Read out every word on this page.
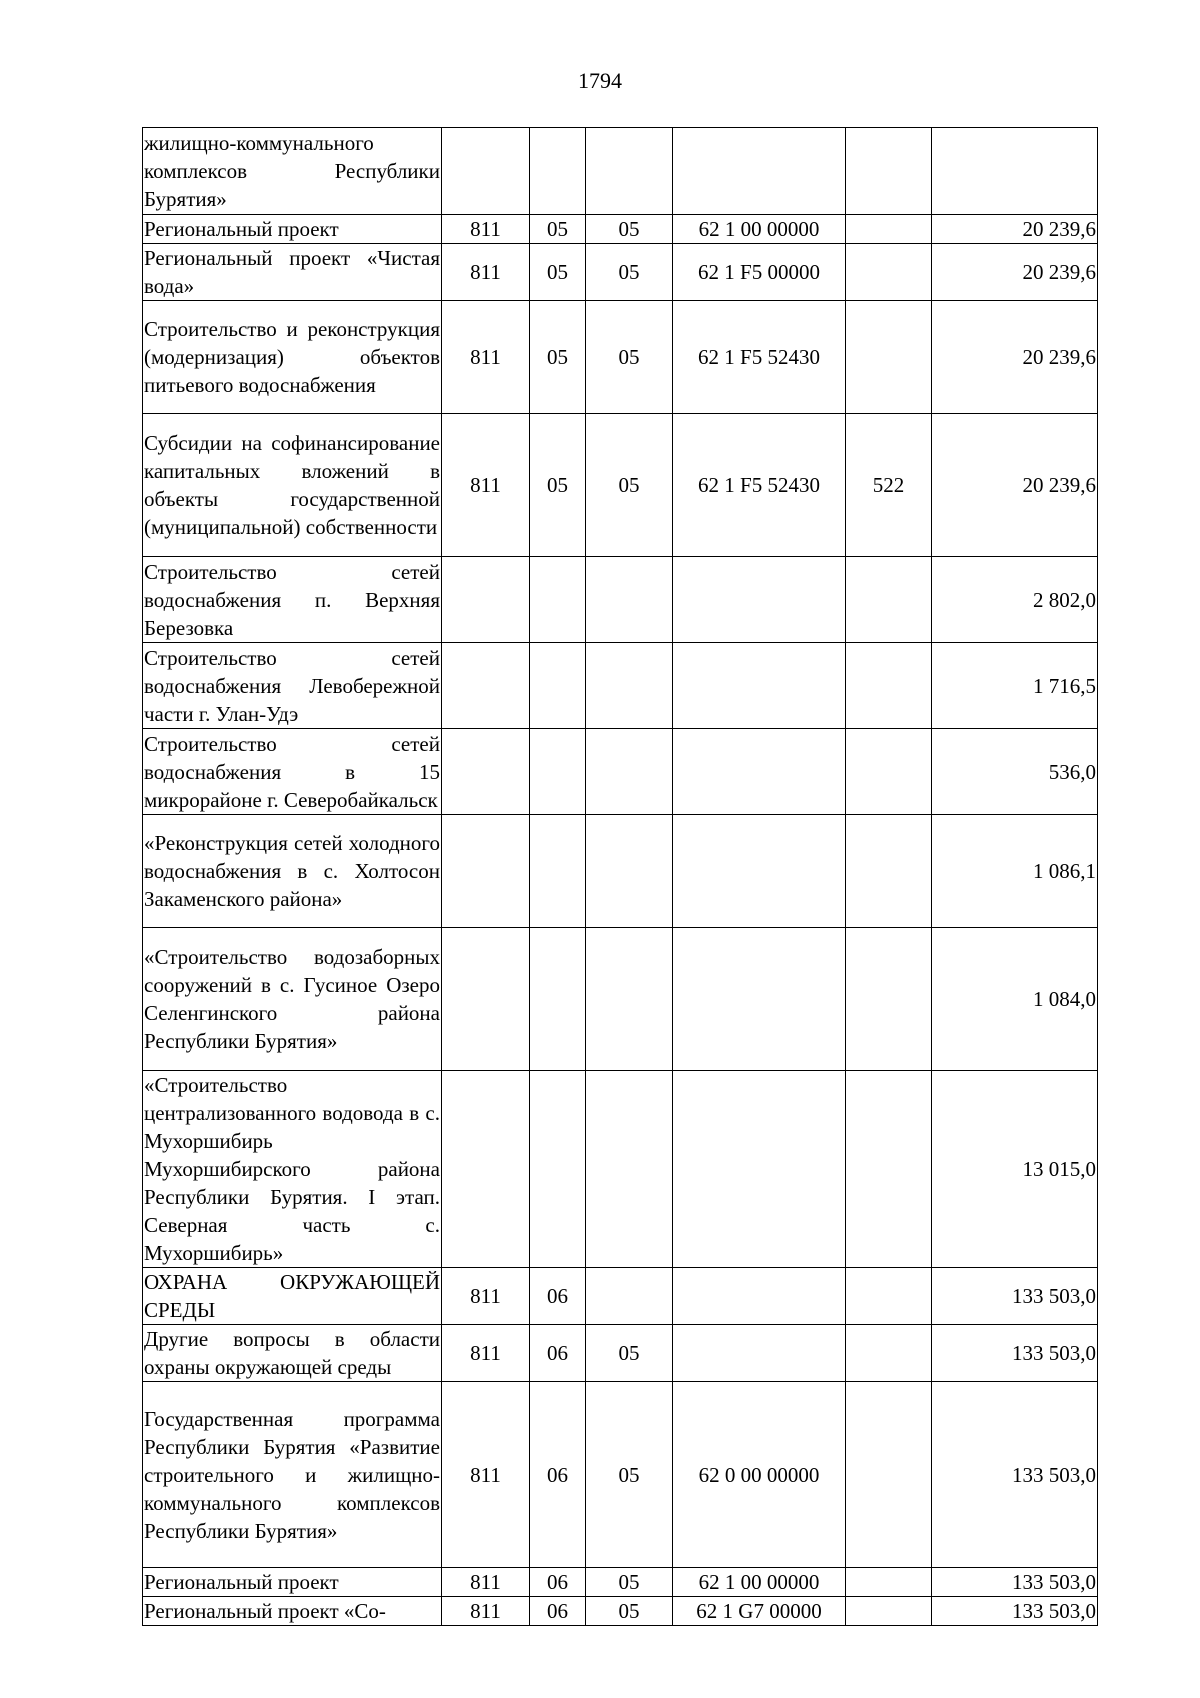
1794
жилищно-коммунального комплексов Республики Бурятия»						
Региональный проект	811	05	05	62 1 00 00000		20 239,6
Региональный проект «Чистая вода»	811	05	05	62 1 F5 00000		20 239,6
Строительство и реконструкция (модернизация) объектов питьевого водоснабжения	811	05	05	62 1 F5 52430		20 239,6
Субсидии на софинансирование капитальных вложений в объекты государственной (муниципальной) собственности	811	05	05	62 1 F5 52430	522	20 239,6
Строительство сетей водоснабжения п. Верхняя Березовка						2 802,0
Строительство сетей водоснабжения Левобережной части г. Улан-Удэ						1 716,5
Строительство сетей водоснабжения в 15 микрорайоне г. Северобайкальск						536,0
«Реконструкция сетей холодного водоснабжения в с. Холтосон Закаменского района»						1 086,1
«Строительство водозаборных сооружений в с. Гусиное Озеро Селенгинского района Республики Бурятия»						1 084,0
«Строительство централизованного водовода в с. Мухоршибирь Мухоршибирского района Республики Бурятия. I этап. Северная часть с. Мухоршибирь»						13 015,0
ОХРАНА ОКРУЖАЮЩЕЙ СРЕДЫ	811	06				133 503,0
Другие вопросы в области охраны окружающей среды	811	06	05			133 503,0
Государственная программа Республики Бурятия «Развитие строительного и жилищно-коммунального комплексов Республики Бурятия»	811	06	05	62 0 00 00000		133 503,0
Региональный проект	811	06	05	62 1 00 00000		133 503,0
Региональный проект «Со-	811	06	05	62 1 G7 00000		133 503,0
